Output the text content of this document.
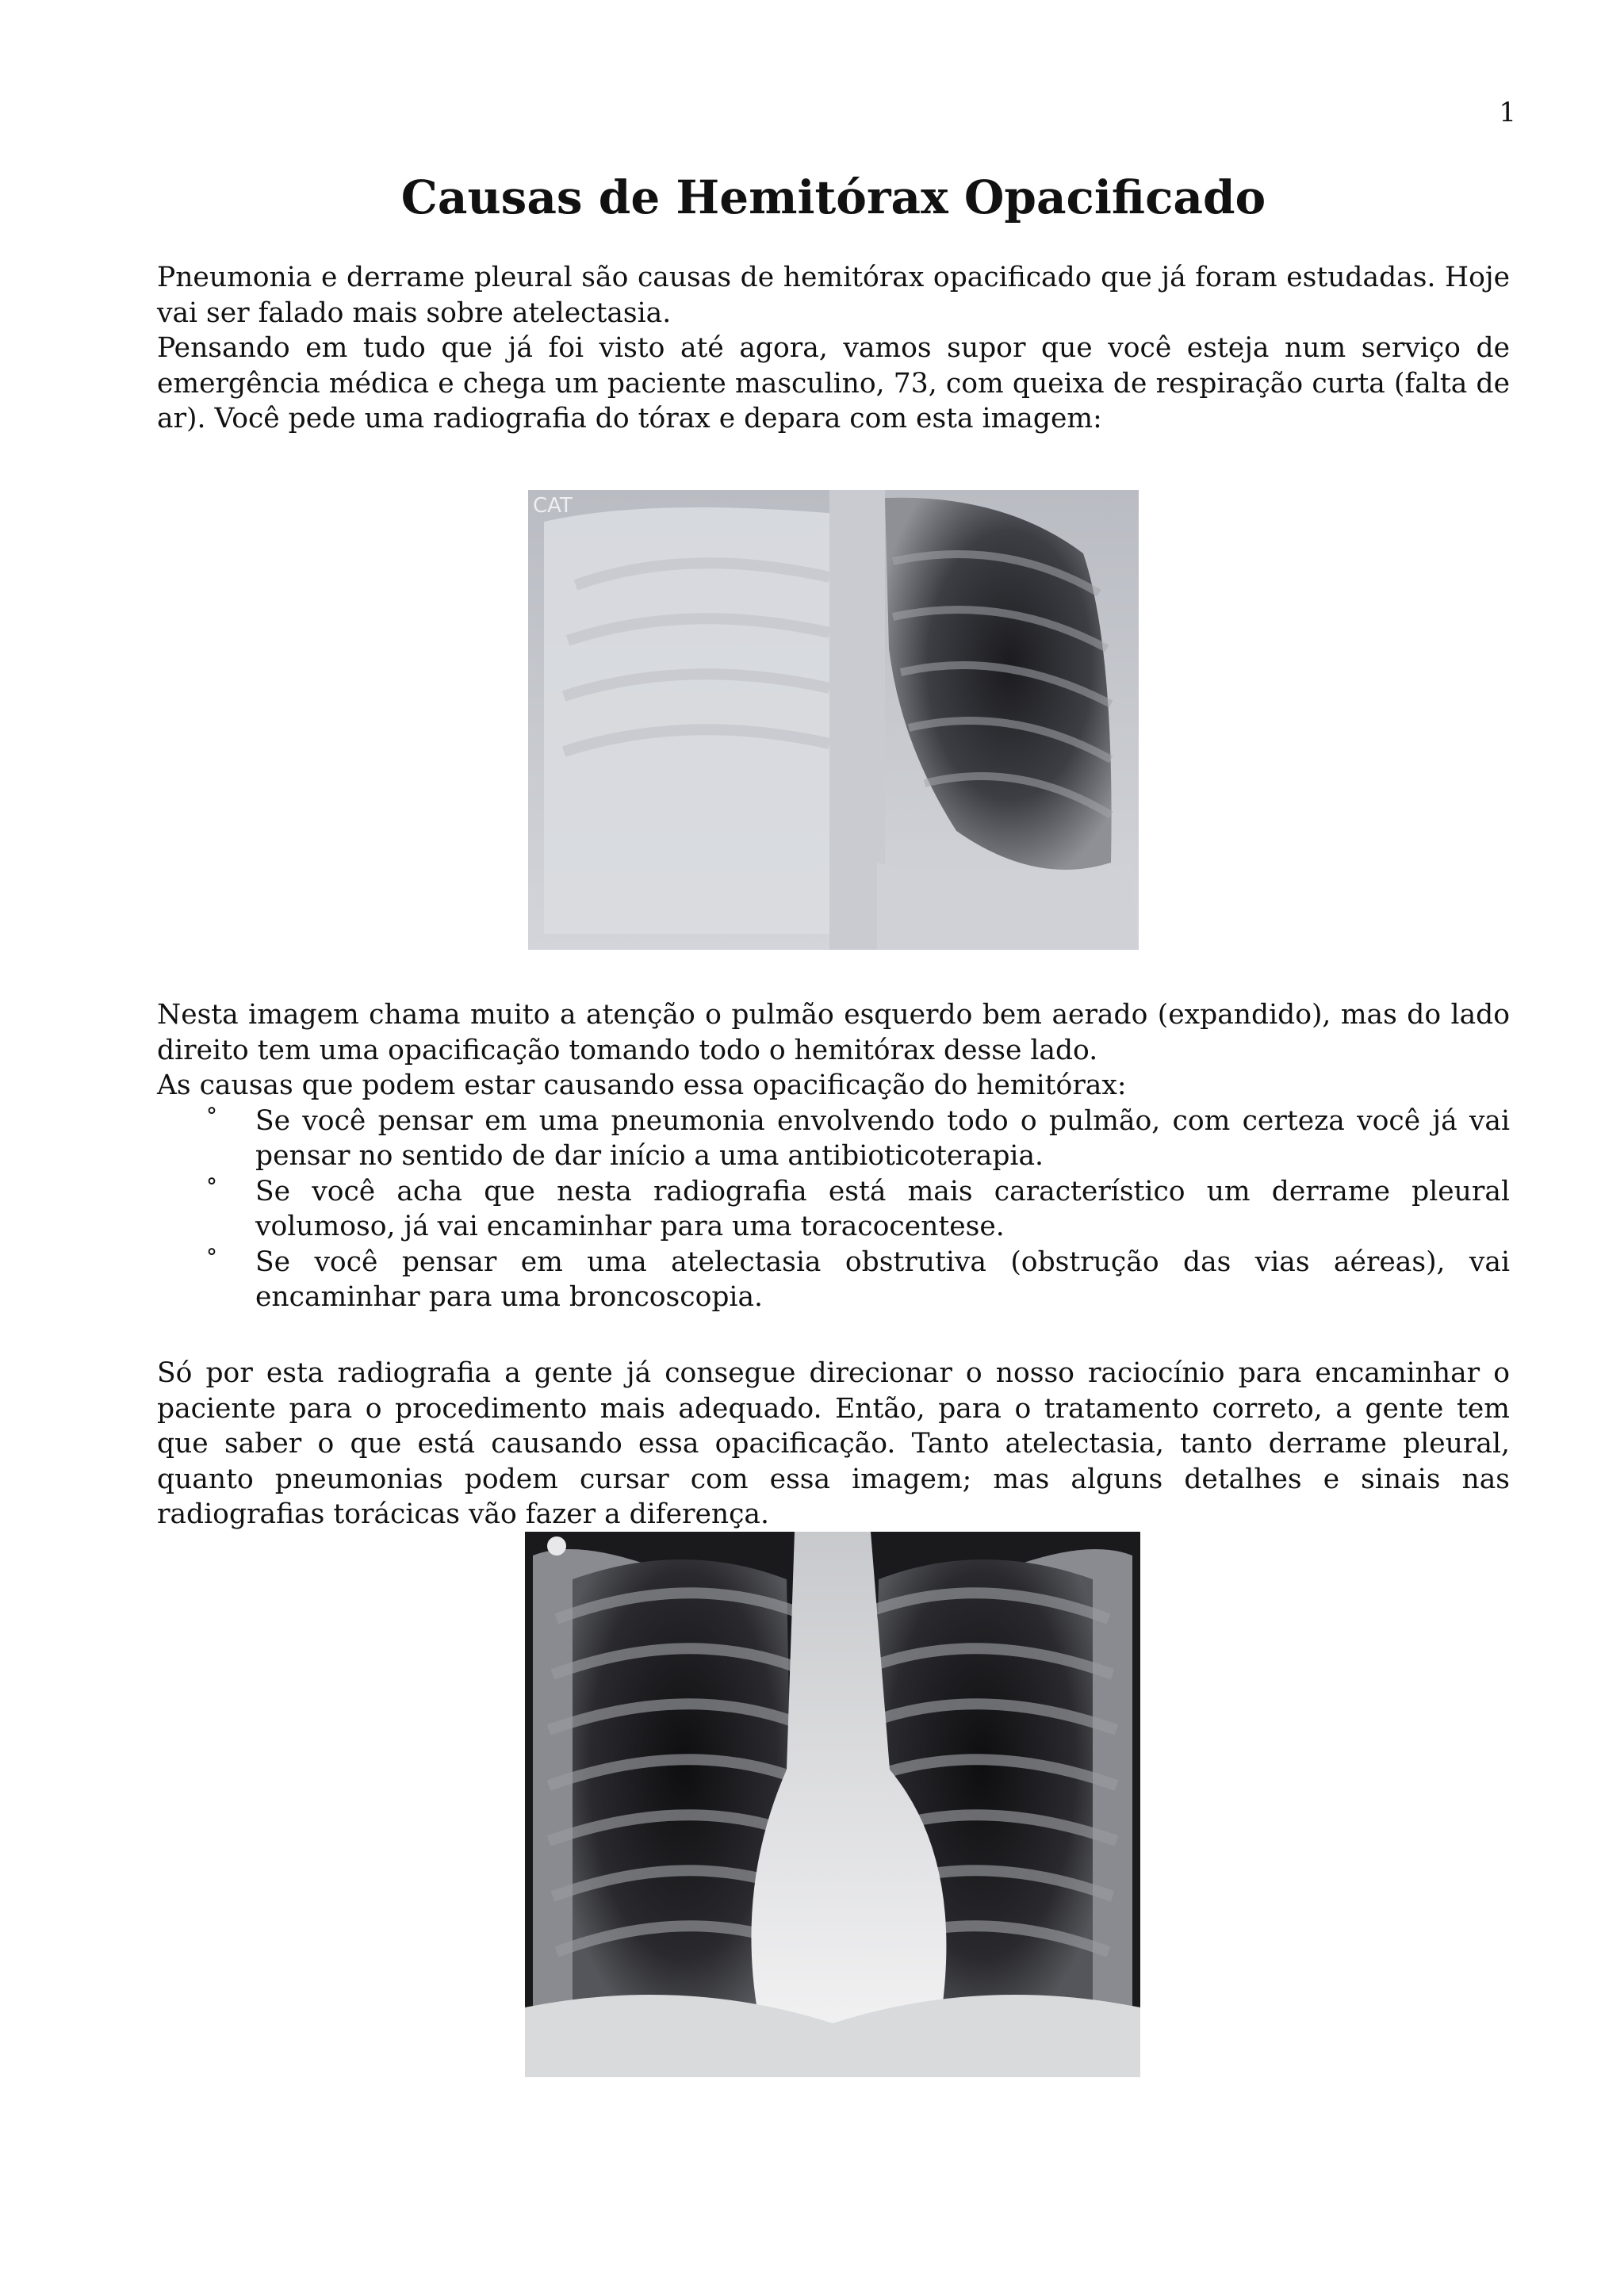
1
Causas de Hemitórax Opacificado

Pneumonia e derrame pleural são causas de hemitórax opacificado que já foram estudadas. Hoje vai ser falado mais sobre atelectasia.

Pensando em tudo que já foi visto até agora, vamos supor que você esteja num serviço de emergência médica e chega um paciente masculino, 73, com queixa de respiração curta (falta de ar). Você pede uma radiografia do tórax e depara com esta imagem:

CAT

Nesta imagem chama muito a atenção o pulmão esquerdo bem aerado (expandido), mas do lado direito tem uma opacificação tomando todo o hemitórax desse lado.

As causas que podem estar causando essa opacificação do hemitórax:

° Se você pensar em uma pneumonia envolvendo todo o pulmão, com certeza você já vai pensar no sentido de dar início a uma antibioticoterapia.
° Se você acha que nesta radiografia está mais característico um derrame pleural volumoso, já vai encaminhar para uma toracocentese.
° Se você pensar em uma atelectasia obstrutiva (obstrução das vias aéreas), vai encaminhar para uma broncoscopia.

Só por esta radiografia a gente já consegue direcionar o nosso raciocínio para encaminhar o paciente para o procedimento mais adequado. Então, para o tratamento correto, a gente tem que saber o que está causando essa opacificação. Tanto atelectasia, tanto derrame pleural, quanto pneumonias podem cursar com essa imagem; mas alguns detalhes e sinais nas radiografias torácicas vão fazer a diferença.
